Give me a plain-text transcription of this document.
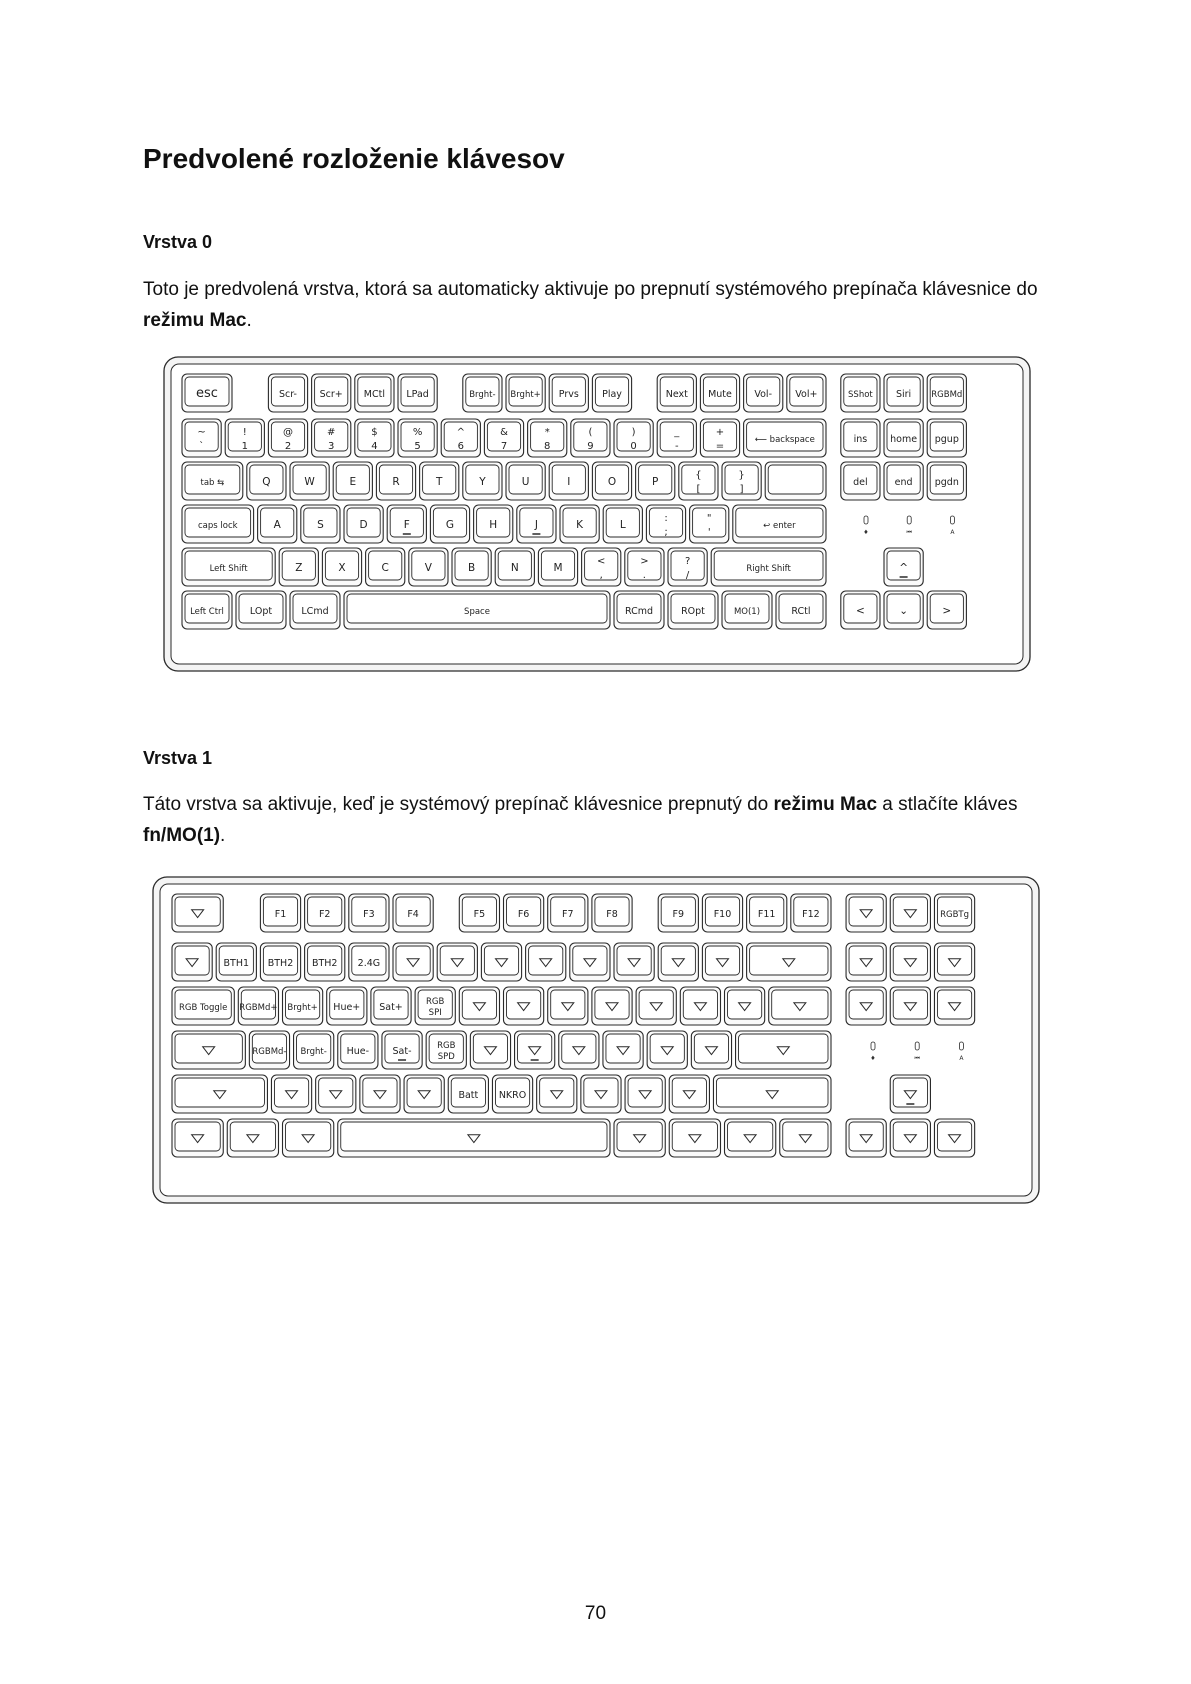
Predvolené rozloženie klávesov
Vrstva 0

Toto je predvolená vrstva, ktorá sa automaticky aktivuje po prepnutí systémového prepínača klávesnice do režimu Mac.

esc	Scr- Scr+ MCtl LPad	Brght- Brght+ Prvs Play	Next Mute Vol- Vol+	SShot Siri RGBMd
~
`
!
1
@
2
#
3
$
4
%
5
^
6
&
7
*
8
(
9
)
0
_
-
+
=
⟵ backspace	ins home pgup
tab ⇆	Q	W	E	R	T	Y	U	I	O	P
{
[
}
]
del	end pgdn
caps lock	A	S	D	F	G	H	J	K	L
:
;
"
'
↩ enter
Left Shift	Z	X	C	V	B	N	M
<
,
>
.
?
/
Right Shift	^
Left Ctrl	LOpt	LCmd	Space	RCmd	ROpt	MO(1)	RCtl	<	⌄	>
♦	⏮	A
Vrstva 1

Táto vrstva sa aktivuje, keď je systémový prepínač klávesnice prepnutý do režimu Mac a stlačíte kláves fn/MO(1).

F1	F2	F3	F4	F5	F6	F7	F8	F9	F10	F11	F12	RGBTg
BTH1 BTH2 BTH2 2.4G
RGB Toggle RGBMd+ Brght+ Hue+ Sat+	RGB
SPI
RGBMd- Brght- Hue- Sat-	RGB
SPD
Batt NKRO
♦	⏮	A
70
